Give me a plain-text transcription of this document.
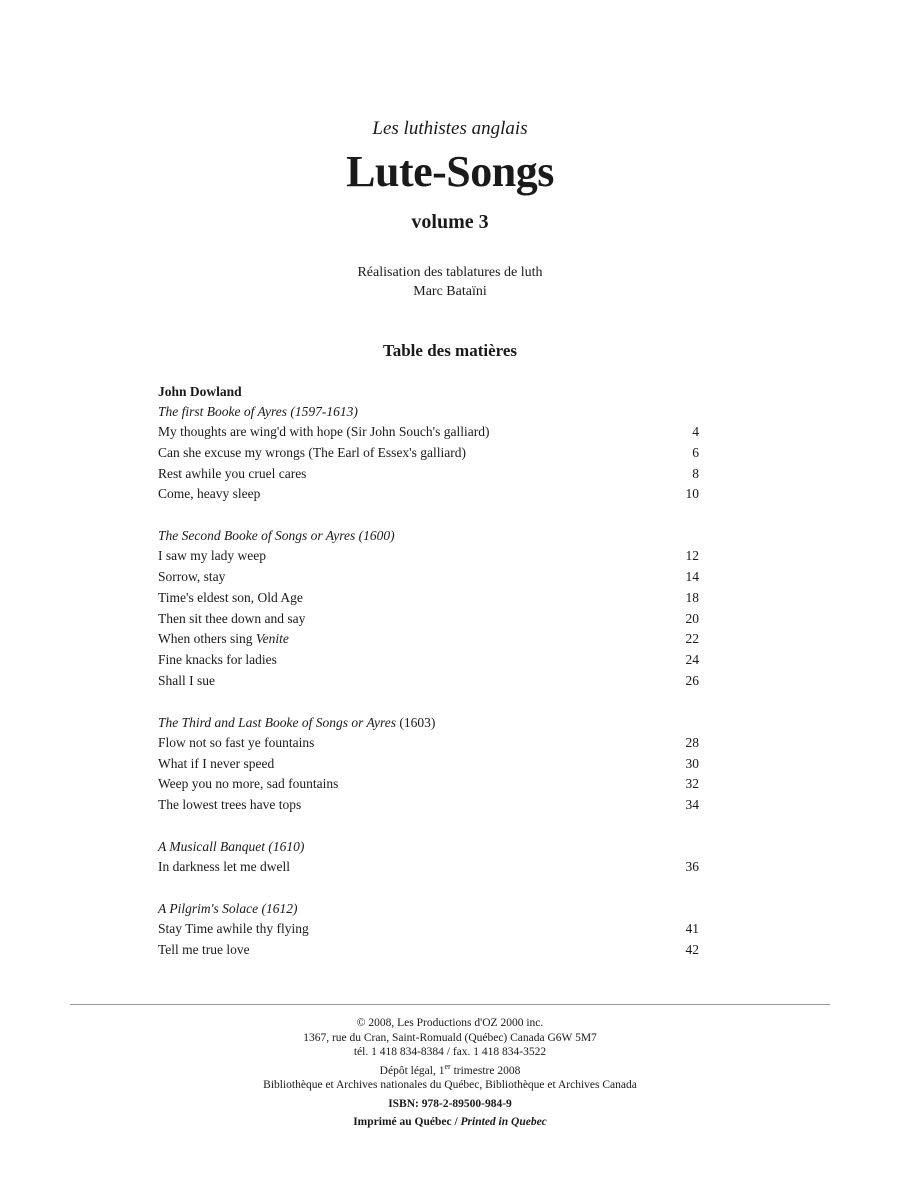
Les luthistes anglais
Lute-Songs
volume 3
Réalisation des tablatures de luth
Marc Bataïni
Table des matières
John Dowland
The first Booke of Ayres (1597-1613)
My thoughts are wing'd with hope (Sir John Souch's galliard)	4
Can she excuse my wrongs (The Earl of Essex's galliard)	6
Rest awhile you cruel cares	8
Come, heavy sleep	10
The Second Booke of Songs or Ayres (1600)
I saw my lady weep	12
Sorrow, stay	14
Time's eldest son, Old Age	18
Then sit thee down and say	20
When others sing Venite	22
Fine knacks for ladies	24
Shall I sue	26
The Third and Last Booke of Songs or Ayres (1603)
Flow not so fast ye fountains	28
What if I never speed	30
Weep you no more, sad fountains	32
The lowest trees have tops	34
A Musicall Banquet (1610)
In darkness let me dwell	36
A Pilgrim's Solace (1612)
Stay Time awhile thy flying	41
Tell me true love	42
© 2008, Les Productions d'OZ 2000 inc.
1367, rue du Cran, Saint-Romuald (Québec) Canada G6W 5M7
tél. 1 418 834-8384 / fax. 1 418 834-3522
Dépôt légal, 1er trimestre 2008
Bibliothèque et Archives nationales du Québec, Bibliothèque et Archives Canada
ISBN: 978-2-89500-984-9
Imprimé au Québec / Printed in Quebec
